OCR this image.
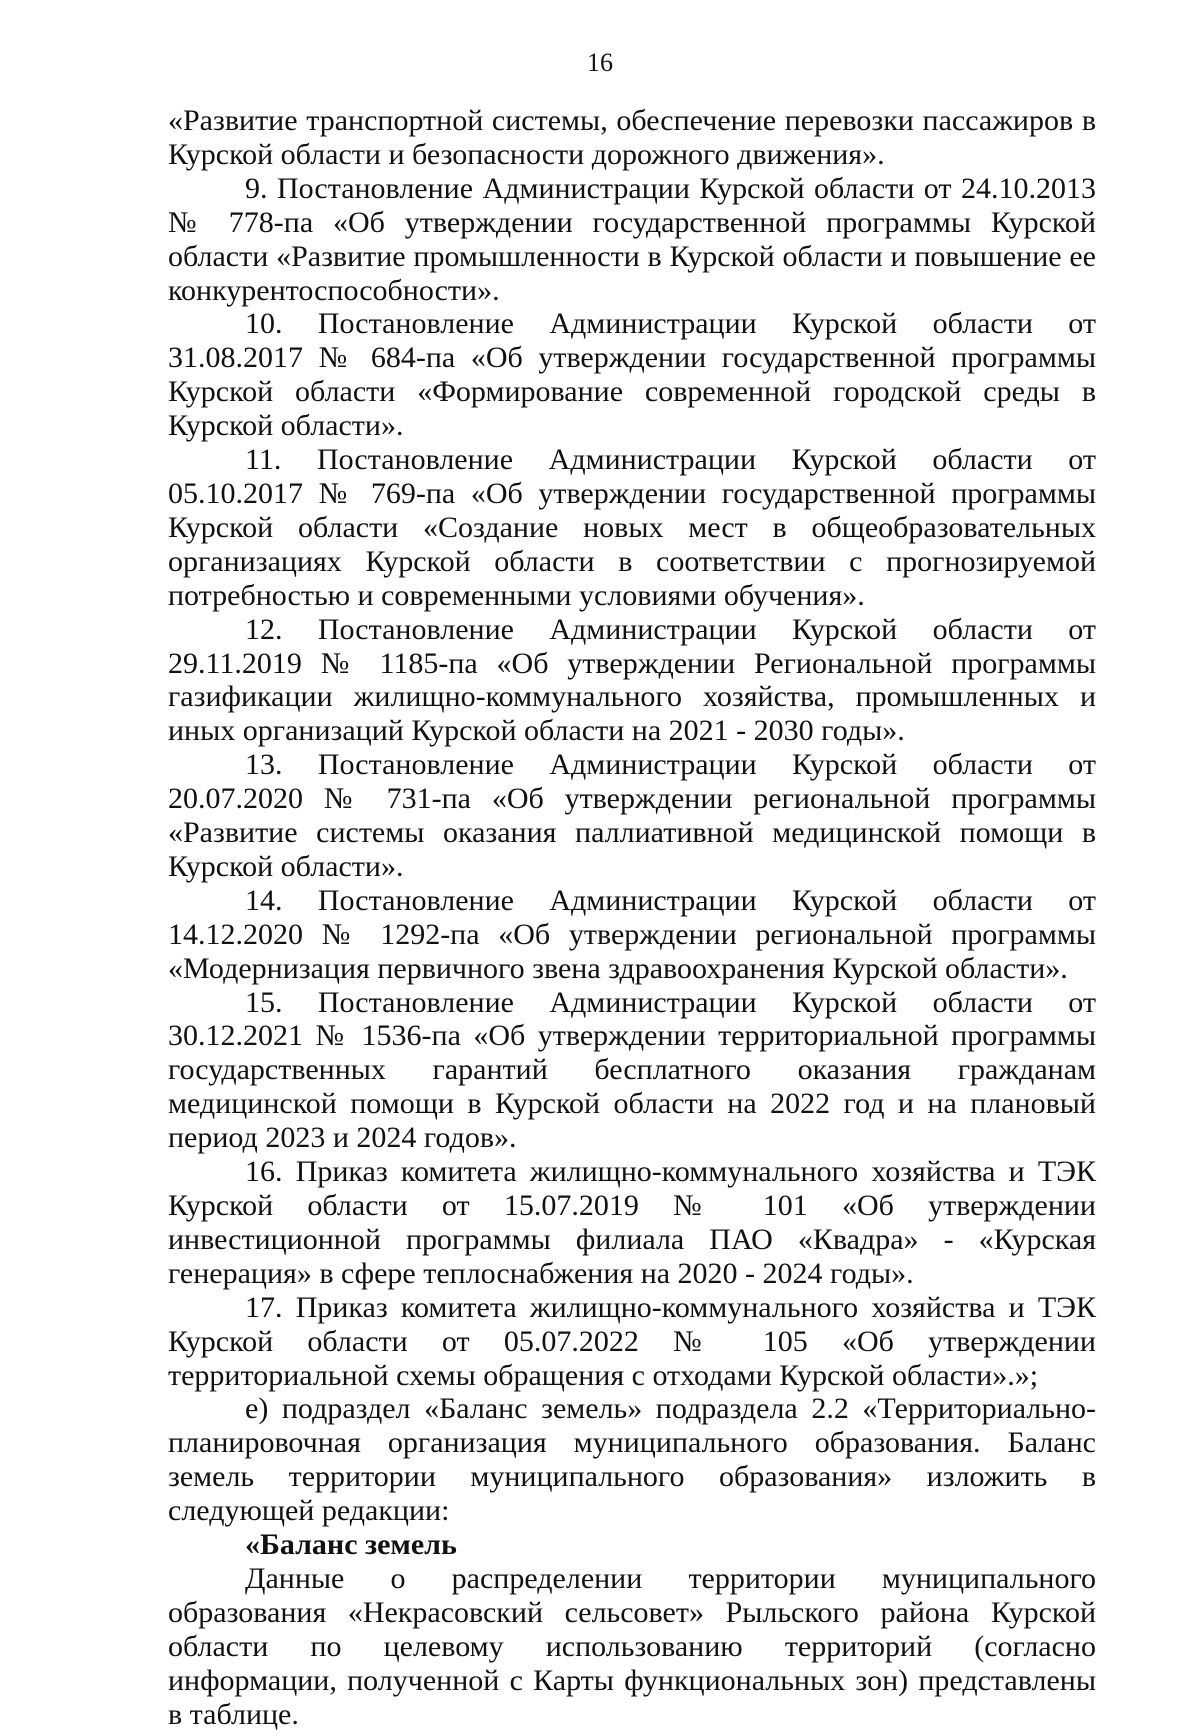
16

«Развитие транспортной системы, обеспечение перевозки пассажиров в Курской области и безопасности дорожного движения».

9. Постановление Администрации Курской области от 24.10.2013 № 778-па «Об утверждении государственной программы Курской области «Развитие промышленности в Курской области и повышение ее конкурентоспособности».

10. Постановление Администрации Курской области от 31.08.2017 № 684-па «Об утверждении государственной программы Курской области «Формирование современной городской среды в Курской области».

11. Постановление Администрации Курской области от 05.10.2017 № 769-па «Об утверждении государственной программы Курской области «Создание новых мест в общеобразовательных организациях Курской области в соответствии с прогнозируемой потребностью и современными условиями обучения».

12. Постановление Администрации Курской области от 29.11.2019 № 1185-па «Об утверждении Региональной программы газификации жилищно-коммунального хозяйства, промышленных и иных организаций Курской области на 2021 - 2030 годы».

13. Постановление Администрации Курской области от 20.07.2020 № 731-па «Об утверждении региональной программы «Развитие системы оказания паллиативной медицинской помощи в Курской области».

14. Постановление Администрации Курской области от 14.12.2020 № 1292-па «Об утверждении региональной программы «Модернизация первичного звена здравоохранения Курской области».

15. Постановление Администрации Курской области от 30.12.2021 № 1536-па «Об утверждении территориальной программы государственных гарантий бесплатного оказания гражданам медицинской помощи в Курской области на 2022 год и на плановый период 2023 и 2024 годов».

16. Приказ комитета жилищно-коммунального хозяйства и ТЭК Курской области от 15.07.2019 № 101 «Об утверждении инвестиционной программы филиала ПАО «Квадра» - «Курская генерация» в сфере теплоснабжения на 2020 - 2024 годы».

17. Приказ комитета жилищно-коммунального хозяйства и ТЭК Курской области от 05.07.2022 № 105 «Об утверждении территориальной схемы обращения с отходами Курской области».»;

е) подраздел «Баланс земель» подраздела 2.2 «Территориально-планировочная организация муниципального образования. Баланс земель территории муниципального образования» изложить в следующей редакции:

«Баланс земель

Данные о распределении территории муниципального образования «Некрасовский сельсовет» Рыльского района Курской области по целевому использованию территорий (согласно информации, полученной с Карты функциональных зон) представлены в таблице.
